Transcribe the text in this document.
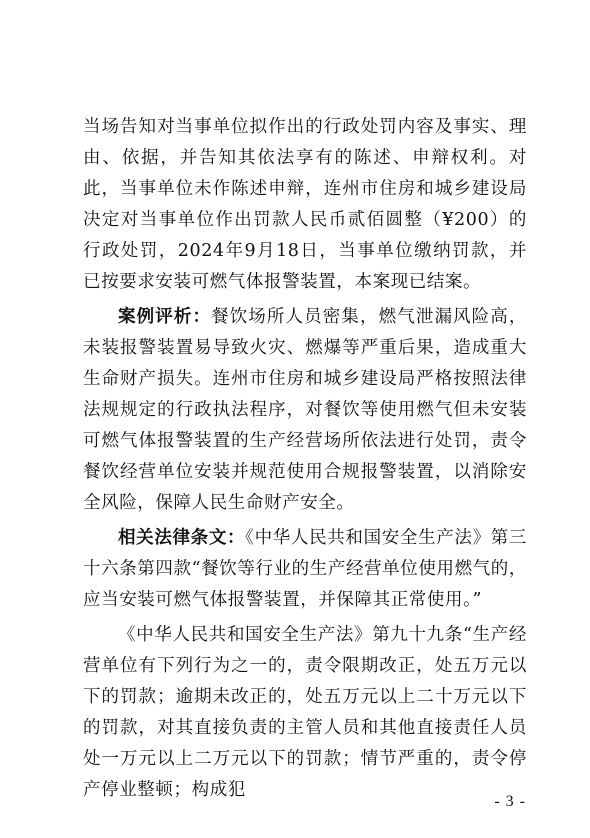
当场告知对当事单位拟作出的行政处罚内容及事实、理由、依据，并告知其依法享有的陈述、申辩权利。对此，当事单位未作陈述申辩，连州市住房和城乡建设局决定对当事单位作出罚款人民币贰佰圆整（¥200）的行政处罚，2024年9月18日，当事单位缴纳罚款，并已按要求安装可燃气体报警装置，本案现已结案。

案例评析：餐饮场所人员密集，燃气泄漏风险高，未装报警装置易导致火灾、燃爆等严重后果，造成重大生命财产损失。连州市住房和城乡建设局严格按照法律法规规定的行政执法程序，对餐饮等使用燃气但未安装可燃气体报警装置的生产经营场所依法进行处罚，责令餐饮经营单位安装并规范使用合规报警装置，以消除安全风险，保障人民生命财产安全。

相关法律条文：《中华人民共和国安全生产法》第三十六条第四款“餐饮等行业的生产经营单位使用燃气的，应当安装可燃气体报警装置，并保障其正常使用。”

《中华人民共和国安全生产法》第九十九条“生产经营单位有下列行为之一的，责令限期改正，处五万元以下的罚款；逾期未改正的，处五万元以上二十万元以下的罚款，对其直接负责的主管人员和其他直接责任人员处一万元以上二万元以下的罚款；情节严重的，责令停产停业整顿；构成犯

- 3 -
